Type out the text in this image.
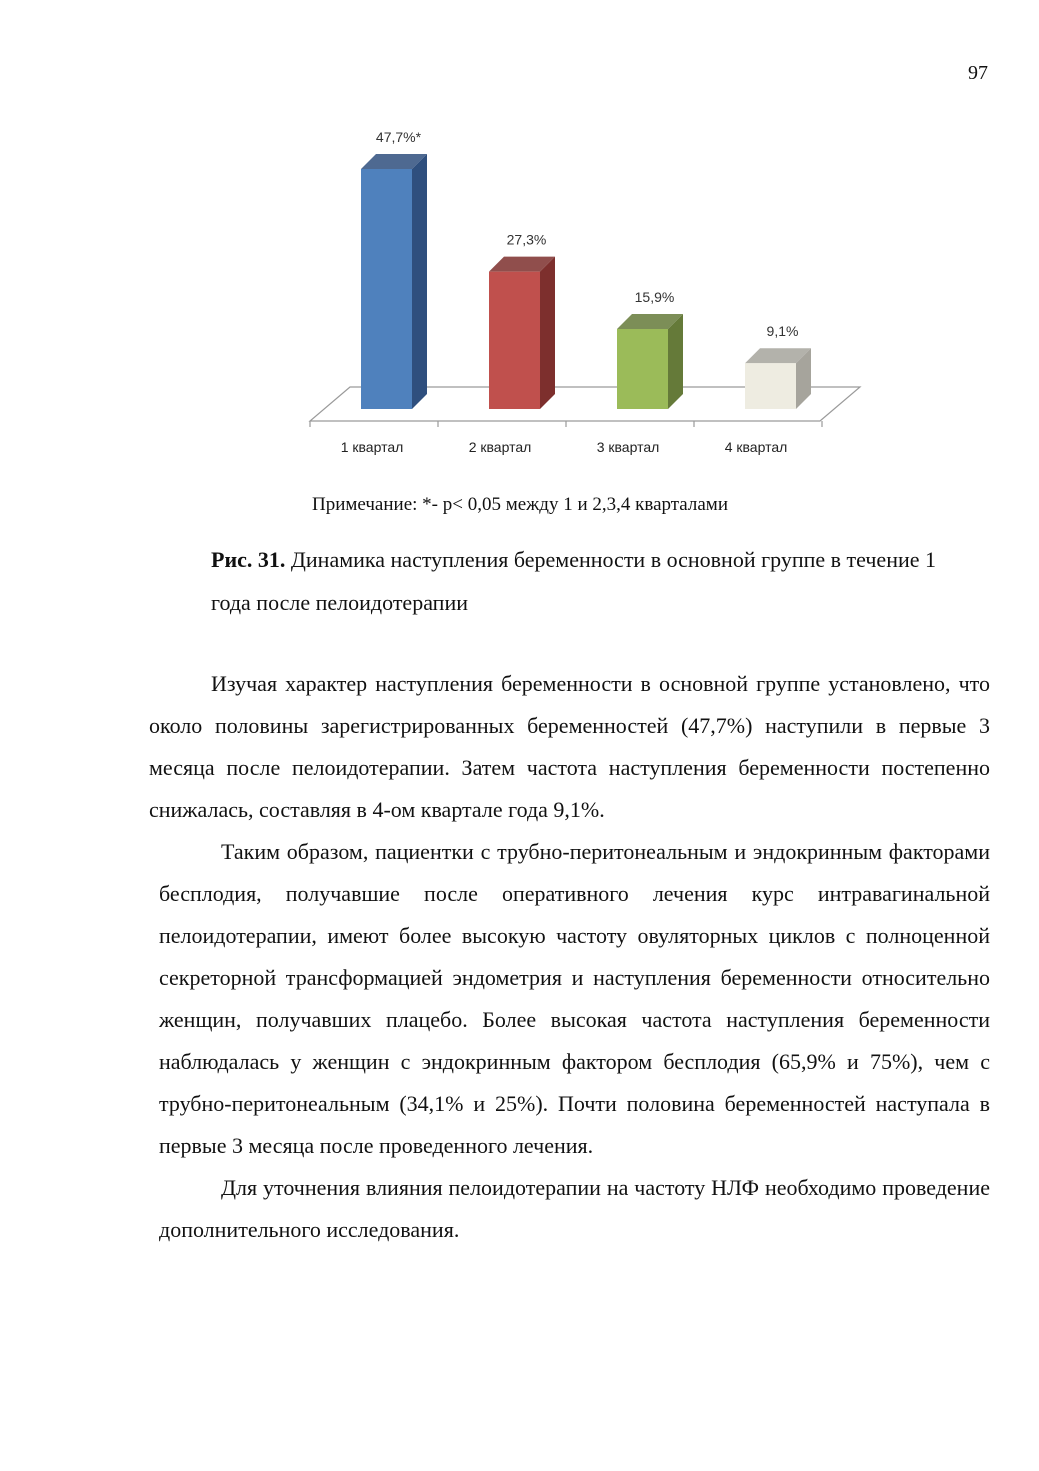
97
47,7%*
1 квартал
27,3%
2 квартал
15,9%
3 квартал
9,1%
4 квартал
Примечание: *- p< 0,05 между 1 и 2,3,4 кварталами
Рис. 31. Динамика наступления беременности в основной группе в течение 1 года после пелоидотерапии

Изучая характер наступления беременности в основной группе установлено, что около половины зарегистрированных беременностей (47,7%) наступили в первые 3 месяца после пелоидотерапии. Затем частота наступления беременности постепенно снижалась, составляя в 4-ом квартале года 9,1%.

Таким образом, пациентки с трубно-перитонеальным и эндокринным факторами бесплодия, получавшие после оперативного лечения курс интравагинальной пелоидотерапии, имеют более высокую частоту овуляторных циклов с полноценной секреторной трансформацией эндометрия и наступления беременности относительно женщин, получавших плацебо. Более высокая частота наступления беременности наблюдалась у женщин с эндокринным фактором бесплодия (65,9% и 75%), чем с трубно-перитонеальным (34,1% и 25%). Почти половина беременностей наступала в первые 3 месяца после проведенного лечения.

Для уточнения влияния пелоидотерапии на частоту НЛФ необходимо проведение дополнительного исследования.
